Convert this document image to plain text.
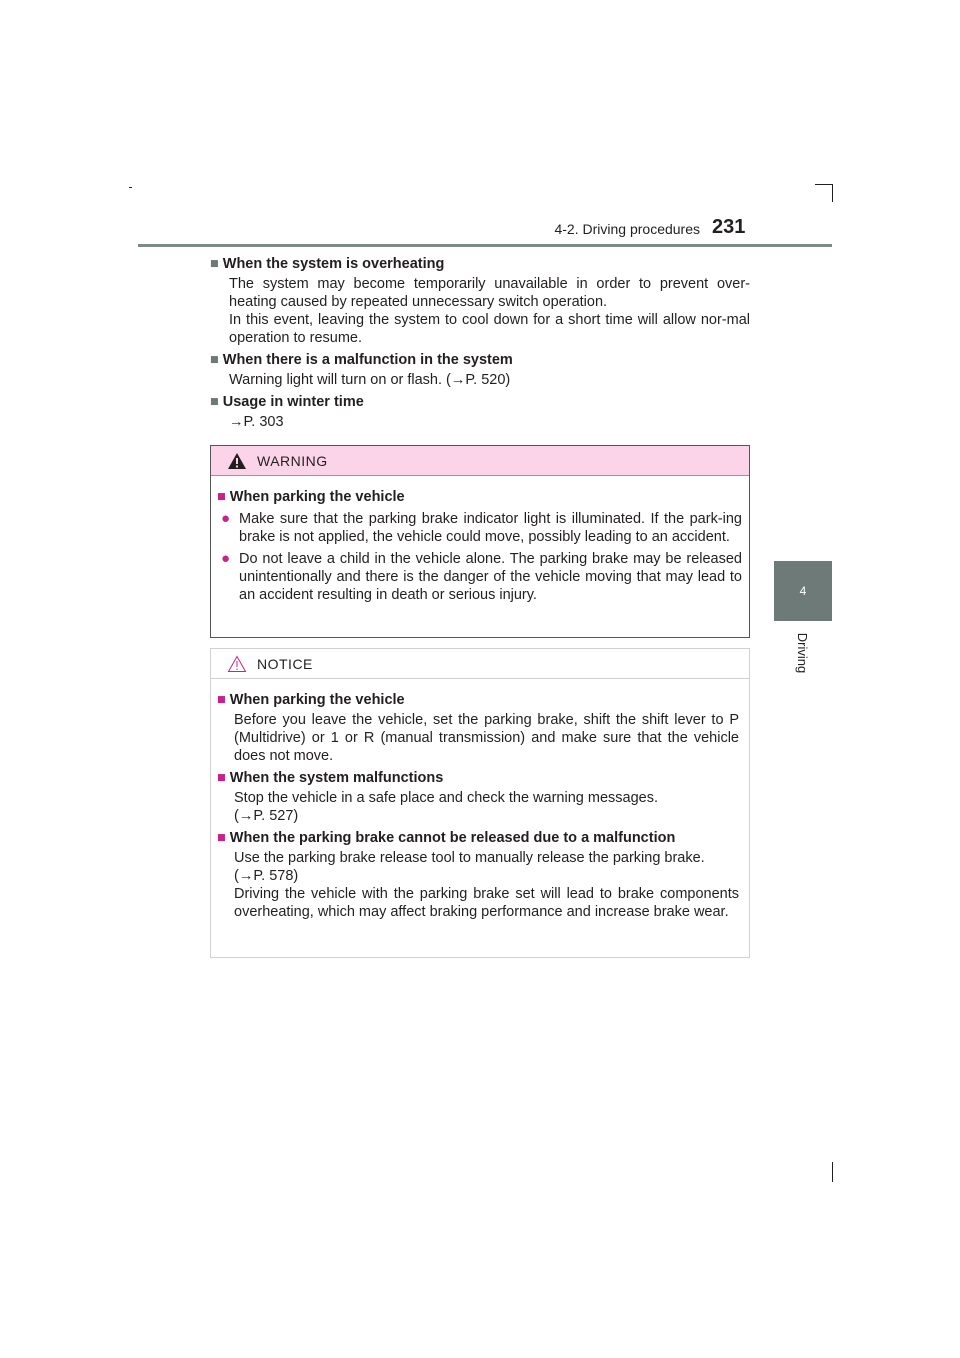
4-2. Driving procedures 231
4
Driving

■ When the system is overheating

The system may become temporarily unavailable in order to prevent over-heating caused by repeated unnecessary switch operation.

In this event, leaving the system to cool down for a short time will allow nor-mal operation to resume.

■ When there is a malfunction in the system

Warning light will turn on or flash. (→P. 520)

■ Usage in winter time

→P. 303

WARNING

■ When parking the vehicle

● Make sure that the parking brake indicator light is illuminated. If the park-ing brake is not applied, the vehicle could move, possibly leading to an accident.
● Do not leave a child in the vehicle alone. The parking brake may be released unintentionally and there is the danger of the vehicle moving that may lead to an accident resulting in death or serious injury.
NOTICE

■ When parking the vehicle

Before you leave the vehicle, set the parking brake, shift the shift lever to P (Multidrive) or 1 or R (manual transmission) and make sure that the vehicle does not move.

■ When the system malfunctions

Stop the vehicle in a safe place and check the warning messages.

(→P. 527)

■ When the parking brake cannot be released due to a malfunction

Use the parking brake release tool to manually release the parking brake.

(→P. 578)

Driving the vehicle with the parking brake set will lead to brake components overheating, which may affect braking performance and increase brake wear.
